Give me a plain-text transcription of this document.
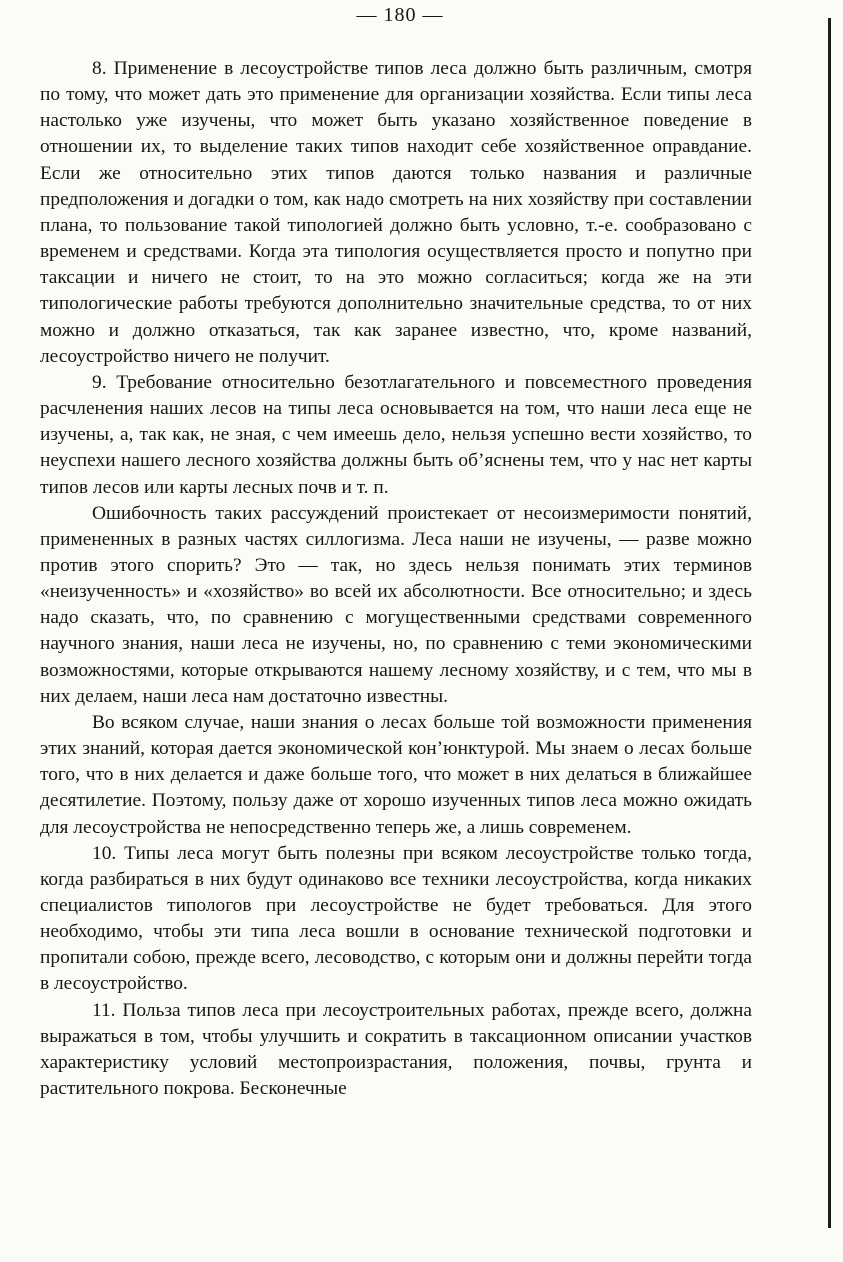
— 180 —

8. Применение в лесоустройстве типов леса должно быть различным, смотря по тому, что может дать это применение для организации хозяйства. Если типы леса настолько уже изучены, что может быть указано хозяйственное поведение в отношении их, то выделение таких типов находит себе хозяйственное оправдание. Если же относительно этих типов даются только названия и различные предположения и догадки о том, как надо смотреть на них хозяйству при составлении плана, то пользование такой типологией должно быть условно, т.-е. сообразовано с временем и средствами. Когда эта типология осуществляется просто и попутно при таксации и ничего не стоит, то на это можно согласиться; когда же на эти типологические работы требуются дополнительно значительные средства, то от них можно и должно отказаться, так как заранее известно, что, кроме названий, лесоустройство ничего не получит.

9. Требование относительно безотлагательного и повсеместного проведения расчленения наших лесов на типы леса основывается на том, что наши леса еще не изучены, а, так как, не зная, с чем имеешь дело, нельзя успешно вести хозяйство, то неуспехи нашего лесного хозяйства должны быть об’яснены тем, что у нас нет карты типов лесов или карты лесных почв и т. п.

Ошибочность таких рассуждений проистекает от несоизмеримости понятий, примененных в разных частях силлогизма. Леса наши не изучены, — разве можно против этого спорить? Это — так, но здесь нельзя понимать этих терминов «неизученность» и «хозяйство» во всей их абсолютности. Все относительно; и здесь надо сказать, что, по сравнению с могущественными средствами современного научного знания, наши леса не изучены, но, по сравнению с теми экономическими возможностями, которые открываются нашему лесному хозяйству, и с тем, что мы в них делаем, наши леса нам достаточно известны.

Во всяком случае, наши знания о лесах больше той возможности применения этих знаний, которая дается экономической кон’юнктурой. Мы знаем о лесах больше того, что в них делается и даже больше того, что может в них делаться в ближайшее десятилетие. Поэтому, пользу даже от хорошо изученных типов леса можно ожидать для лесоустройства не непосредственно теперь же, а лишь современем.

10. Типы леса могут быть полезны при всяком лесоустройстве только тогда, когда разбираться в них будут одинаково все техники лесоустройства, когда никаких специалистов типологов при лесоустройстве не будет требоваться. Для этого необходимо, чтобы эти типа леса вошли в основание технической подготовки и пропитали собою, прежде всего, лесоводство, с которым они и должны перейти тогда в лесоустройство.

11. Польза типов леса при лесоустроительных работах, прежде всего, должна выражаться в том, чтобы улучшить и сократить в таксационном описании участков характеристику условий местопроизрастания, положения, почвы, грунта и растительного покрова. Бесконечные
